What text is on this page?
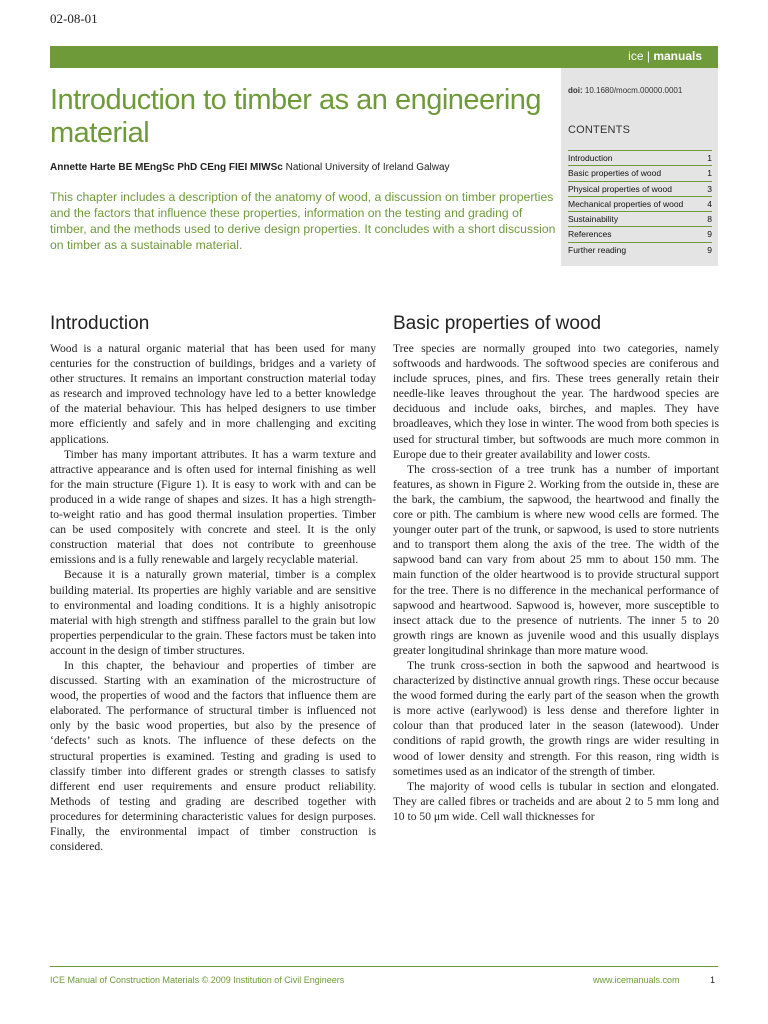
02-08-01
ice | manuals
doi: 10.1680/mocm.00000.0001
CONTENTS
Introduction	1
Basic properties of wood	1
Physical properties of wood	3
Mechanical properties of wood	4
Sustainability	8
References	9
Further reading	9
Introduction to timber as an engineering material
Annette Harte BE MEngSc PhD CEng FIEI MIWSc National University of Ireland Galway

This chapter includes a description of the anatomy of wood, a discussion on timber properties and the factors that influence these properties, information on the testing and grading of timber, and the methods used to derive design properties. It concludes with a short discussion on timber as a sustainable material.

Introduction

Wood is a natural organic material that has been used for many centuries for the construction of buildings, bridges and a variety of other structures. It remains an important construction material today as research and improved technology have led to a better knowledge of the material behaviour. This has helped designers to use timber more efficiently and safely and in more challenging and exciting applications.

Timber has many important attributes. It has a warm texture and attractive appearance and is often used for internal finishing as well for the main structure (Figure 1). It is easy to work with and can be produced in a wide range of shapes and sizes. It has a high strength-to-weight ratio and has good thermal insulation properties. Timber can be used compositely with concrete and steel. It is the only construction material that does not contribute to greenhouse emissions and is a fully renewable and largely recyclable material.

Because it is a naturally grown material, timber is a complex building material. Its properties are highly variable and are sensitive to environmental and loading conditions. It is a highly anisotropic material with high strength and stiffness parallel to the grain but low properties perpendicular to the grain. These factors must be taken into account in the design of timber structures.

In this chapter, the behaviour and properties of timber are discussed. Starting with an examination of the microstructure of wood, the properties of wood and the factors that influence them are elaborated. The performance of structural timber is influenced not only by the basic wood properties, but also by the presence of ‘defects’ such as knots. The influence of these defects on the structural properties is examined. Testing and grading is used to classify timber into different grades or strength classes to satisfy different end user requirements and ensure product reliability. Methods of testing and grading are described together with procedures for determining characteristic values for design purposes. Finally, the environmental impact of timber construction is considered.

Basic properties of wood

Tree species are normally grouped into two categories, namely softwoods and hardwoods. The softwood species are coniferous and include spruces, pines, and firs. These trees generally retain their needle-like leaves throughout the year. The hardwood species are deciduous and include oaks, birches, and maples. They have broadleaves, which they lose in winter. The wood from both species is used for structural timber, but softwoods are much more common in Europe due to their greater availability and lower costs.

The cross-section of a tree trunk has a number of important features, as shown in Figure 2. Working from the outside in, these are the bark, the cambium, the sapwood, the heartwood and finally the core or pith. The cambium is where new wood cells are formed. The younger outer part of the trunk, or sapwood, is used to store nutrients and to transport them along the axis of the tree. The width of the sapwood band can vary from about 25 mm to about 150 mm. The main function of the older heartwood is to provide structural support for the tree. There is no difference in the mechanical performance of sapwood and heartwood. Sapwood is, however, more susceptible to insect attack due to the presence of nutrients. The inner 5 to 20 growth rings are known as juvenile wood and this usually displays greater longitudinal shrinkage than more mature wood.

The trunk cross-section in both the sapwood and heartwood is characterized by distinctive annual growth rings. These occur because the wood formed during the early part of the season when the growth is more active (earlywood) is less dense and therefore lighter in colour than that produced later in the season (latewood). Under conditions of rapid growth, the growth rings are wider resulting in wood of lower density and strength. For this reason, ring width is sometimes used as an indicator of the strength of timber.

The majority of wood cells is tubular in section and elongated. They are called fibres or tracheids and are about 2 to 5 mm long and 10 to 50 μm wide. Cell wall thicknesses for

ICE Manual of Construction Materials © 2009 Institution of Civil Engineers	www.icemanuals.com	1
